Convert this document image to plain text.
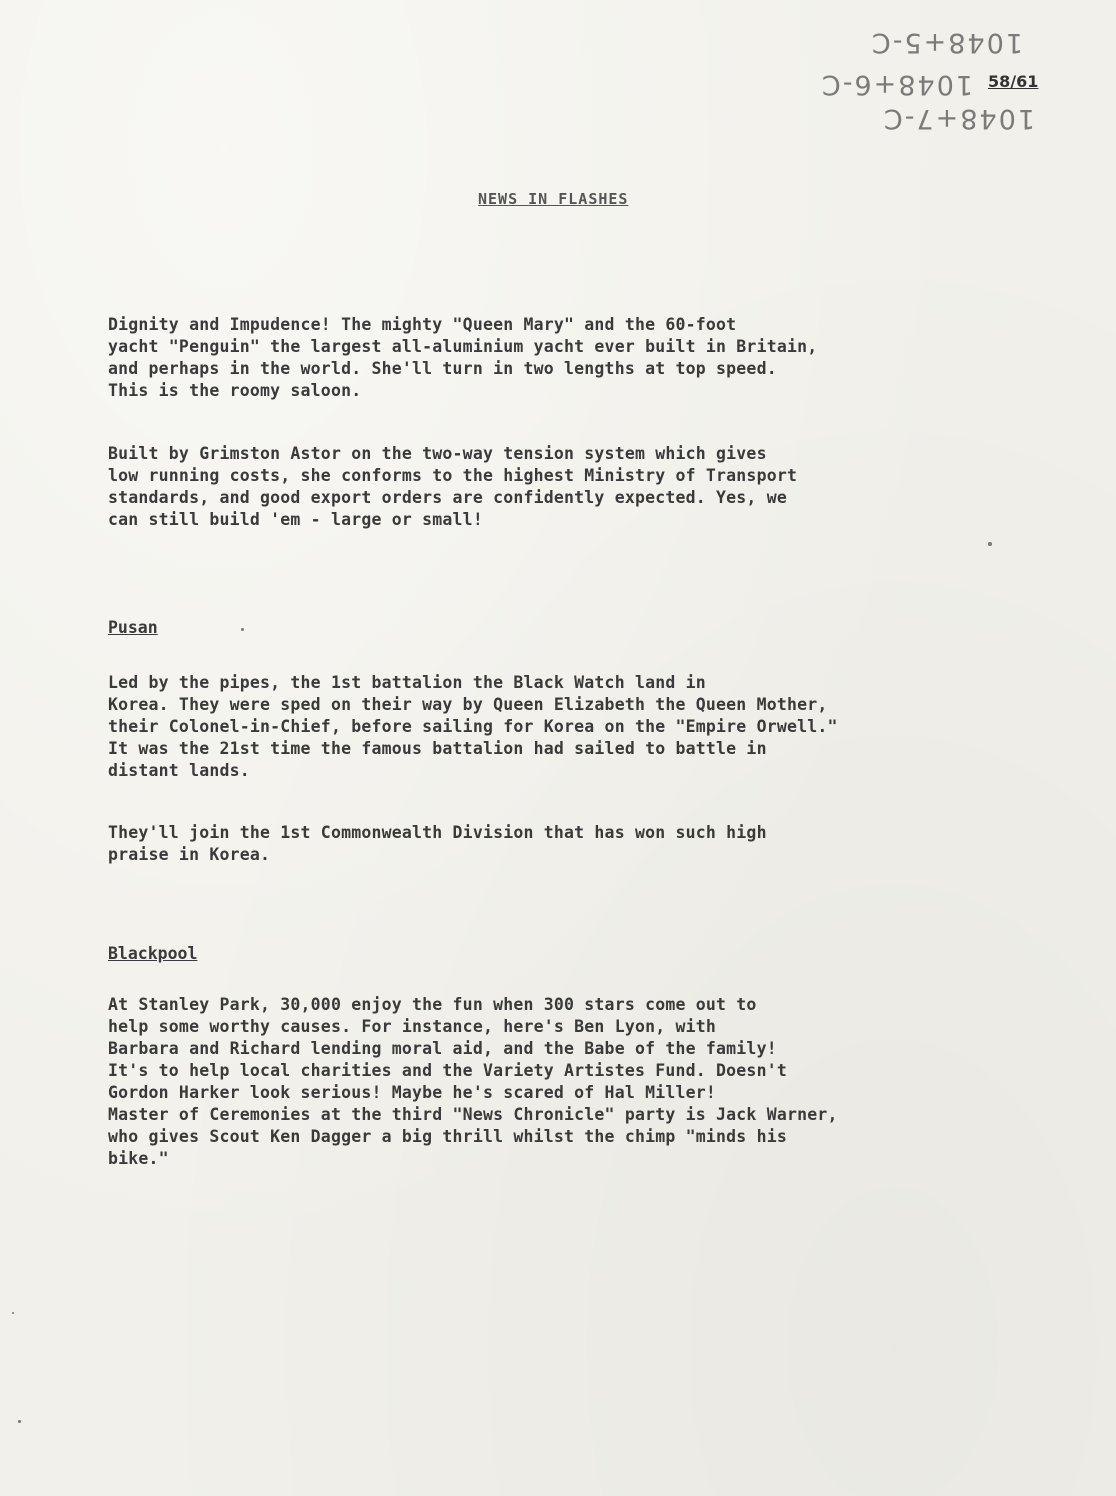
1048+5-C
1048+6-C
1048+7-C
58/61
NEWS IN FLASHES
Dignity and Impudence! The mighty "Queen Mary" and the 60-foot
yacht "Penguin" the largest all-aluminium yacht ever built in Britain,
and perhaps in the world. She'll turn in two lengths at top speed.
This is the roomy saloon.
Built by Grimston Astor on the two-way tension system which gives
low running costs, she conforms to the highest Ministry of Transport
standards, and good export orders are confidently expected. Yes, we
can still build 'em - large or small!
Pusan
Led by the pipes, the 1st battalion the Black Watch land in
Korea. They were sped on their way by Queen Elizabeth the Queen Mother,
their Colonel-in-Chief, before sailing for Korea on the "Empire Orwell."
It was the 21st time the famous battalion had sailed to battle in
distant lands.
They'll join the 1st Commonwealth Division that has won such high
praise in Korea.
Blackpool
At Stanley Park, 30,000 enjoy the fun when 300 stars come out to
help some worthy causes. For instance, here's Ben Lyon, with
Barbara and Richard lending moral aid, and the Babe of the family!
It's to help local charities and the Variety Artistes Fund. Doesn't
Gordon Harker look serious! Maybe he's scared of Hal Miller!
Master of Ceremonies at the third "News Chronicle" party is Jack Warner,
who gives Scout Ken Dagger a big thrill whilst the chimp "minds his
bike."
